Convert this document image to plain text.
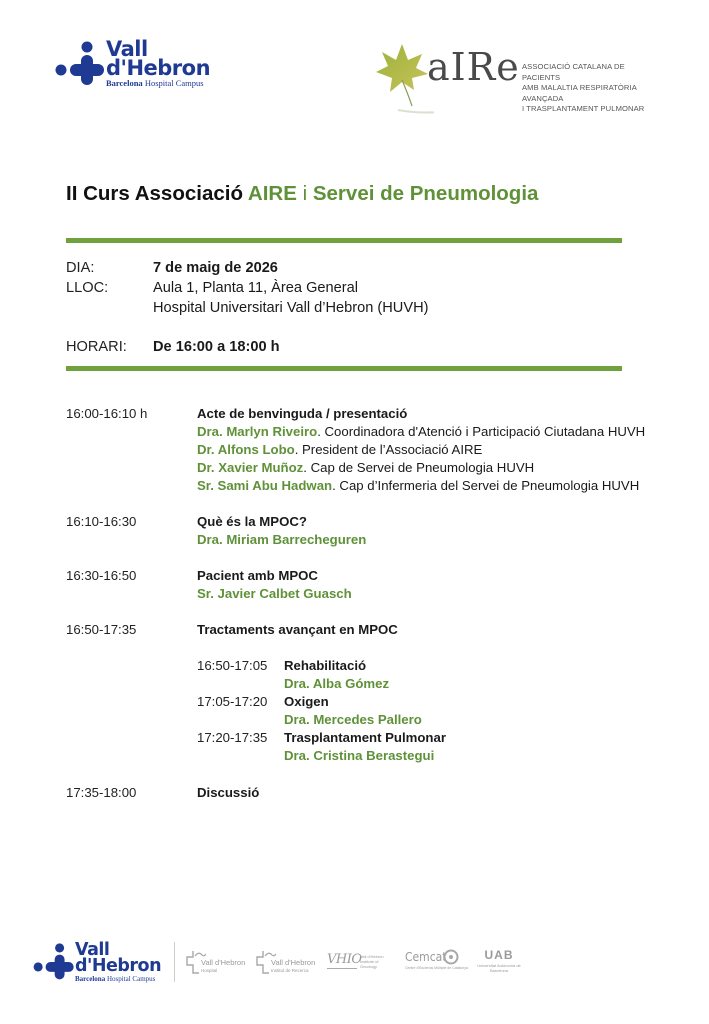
Vall
d'Hebron
Barcelona Hospital Campus	aIRe ASSOCIACIÓ CATALANA DE PACIENTS
AMB MALALTIA RESPIRATÒRIA AVANÇADA
I TRASPLANTAMENT PULMONAR
II Curs Associació AIRE i Servei de Pneumologia
DIA:	7 de maig de 2026
LLOC:	Aula 1, Planta 11, Àrea General
Hospital Universitari Vall d’Hebron (HUVH)
HORARI: De 16:00 a 18:00 h
16:00-16:10 h	Acte de benvinguda / presentació
Dra. Marlyn Riveiro. Coordinadora d'Atenció i Participació Ciutadana HUVH
Dr. Alfons Lobo. President de l’Associació AIRE
Dr. Xavier Muñoz. Cap de Servei de Pneumologia HUVH
Sr. Sami Abu Hadwan. Cap d’Infermeria del Servei de Pneumologia HUVH
16:10-16:30	Què és la MPOC?
Dra. Miriam Barrecheguren
16:30-16:50	Pacient amb MPOC
Sr. Javier Calbet Guasch
16:50-17:35	Tractaments avançant en MPOC
16:50-17:05 Rehabilitació
Dra. Alba Gómez
17:05-17:20 Oxigen
Dra. Mercedes Pallero
17:20-17:35 Trasplantament Pulmonar
Dra. Cristina Berastegui
17:35-18:00	Discussió
Vall
d'Hebron
Barcelona Hospital Campus
Vall d'Hebron
Hospital
Vall d'Hebron
Institut de Recerca
VHIO
Vall d'Hebron Institute of Oncology
Cemcat
Centre d'Esclerosi Múltiple de Catalunya
UAB
Universitat Autònoma de Barcelona
